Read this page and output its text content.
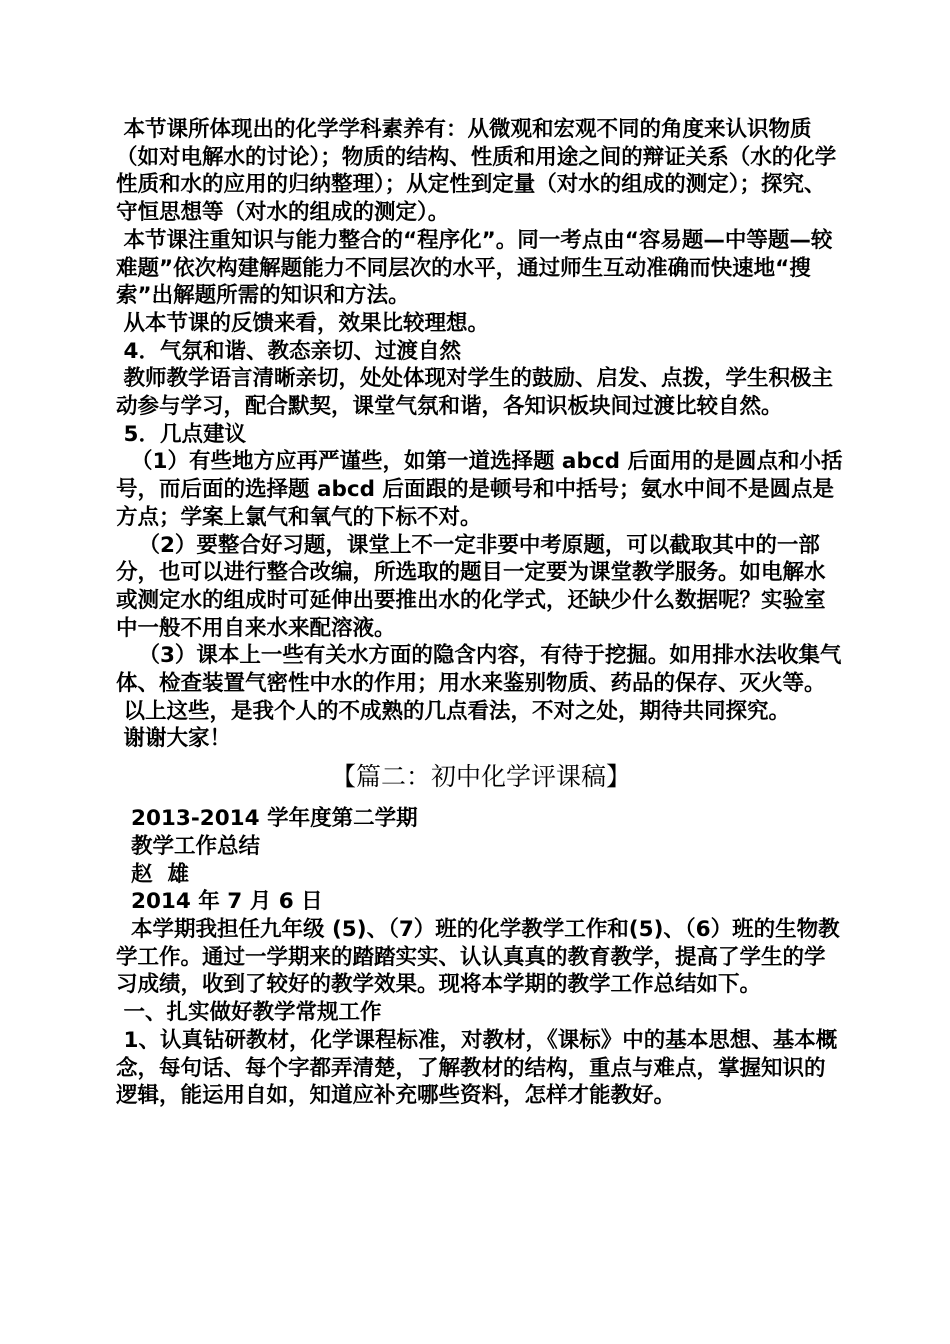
本节课所体现出的化学学科素养有：从微观和宏观不同的角度来认识物质（如对电解水的讨论）；物质的结构、性质和用途之间的辩证关系（水的化学性质和水的应用的归纳整理）；从定性到定量（对水的组成的测定）；探究、守恒思想等（对水的组成的测定）。

本节课注重知识与能力整合的“程序化”。同一考点由“容易题—中等题—较难题”依次构建解题能力不同层次的水平，通过师生互动准确而快速地“搜索”出解题所需的知识和方法。

从本节课的反馈来看，效果比较理想。

4．气氛和谐、教态亲切、过渡自然

教师教学语言清晰亲切，处处体现对学生的鼓励、启发、点拨，学生积极主动参与学习，配合默契，课堂气氛和谐，各知识板块间过渡比较自然。

5．几点建议

（1）有些地方应再严谨些，如第一道选择题 abcd 后面用的是圆点和小括号，而后面的选择题 abcd 后面跟的是顿号和中括号；氨水中间不是圆点是方点；学案上氯气和氧气的下标不对。

（2）要整合好习题，课堂上不一定非要中考原题，可以截取其中的一部分，也可以进行整合改编，所选取的题目一定要为课堂教学服务。如电解水或测定水的组成时可延伸出要推出水的化学式，还缺少什么数据呢？实验室中一般不用自来水来配溶液。

（3）课本上一些有关水方面的隐含内容，有待于挖掘。如用排水法收集气体、检查装置气密性中水的作用；用水来鉴别物质、药品的保存、灭火等。

以上这些，是我个人的不成熟的几点看法，不对之处，期待共同探究。

谢谢大家！

【篇二：初中化学评课稿】

2013-2014 学年度第二学期

教学工作总结

赵  雄

2014 年 7 月 6 日

本学期我担任九年级 (5)、（7）班的化学教学工作和(5)、（6）班的生物教学工作。通过一学期来的踏踏实实、认认真真的教育教学，提高了学生的学习成绩，收到了较好的教学效果。现将本学期的教学工作总结如下。

一、扎实做好教学常规工作

1、认真钻研教材，化学课程标准，对教材，《课标》中的基本思想、基本概念，每句话、每个字都弄清楚，了解教材的结构，重点与难点，掌握知识的逻辑，能运用自如，知道应补充哪些资料，怎样才能教好。
